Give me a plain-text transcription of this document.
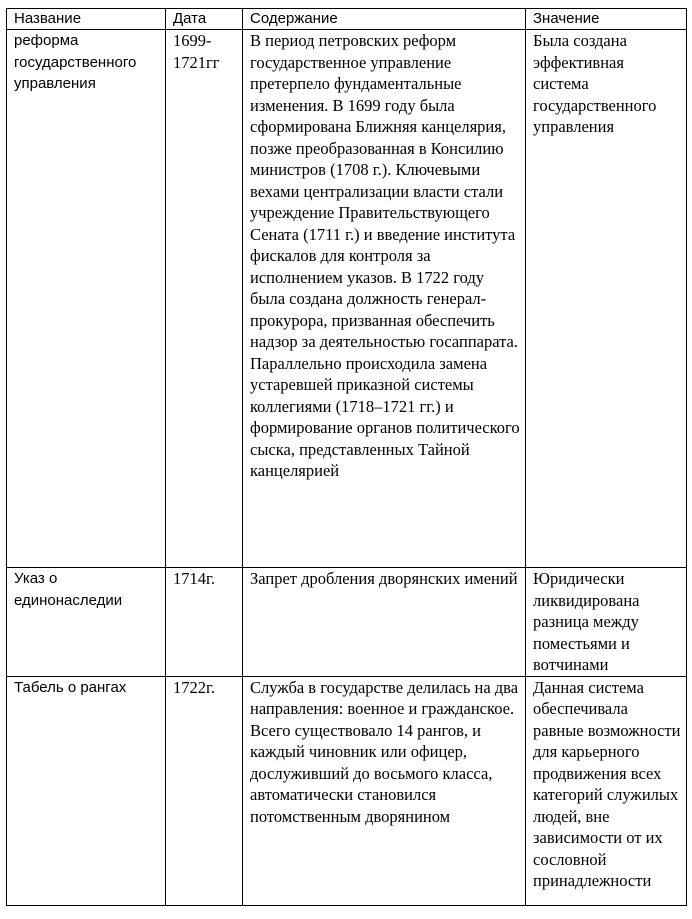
Название	Дата	Содержание	Значение

реформа государственного управления	1699-1721гг	В период петровских реформ государственное управление претерпело фундаментальные изменения. В 1699 году была сформирована Ближняя канцелярия, позже преобразованная в Консилию министров (1708 г.). Ключевыми вехами централизации власти стали учреждение Правительствующего Сената (1711 г.) и введение института фискалов для контроля за исполнением указов. В 1722 году была создана должность генерал-прокурора, призванная обеспечить надзор за деятельностью госаппарата. Параллельно происходила замена устаревшей приказной системы коллегиями (1718–1721 гг.) и формирование органов политического сыска, представленных Тайной канцелярией	Была создана эффективная система государственного управления

Указ о единонаследии	1714г.	Запрет дробления дворянских имений	Юридически ликвидирована разница между поместьями и вотчинами

Табель о рангах	1722г.	Служба в государстве делилась на два направления: военное и гражданское. Всего существовало 14 рангов, и каждый чиновник или офицер, дослуживший до восьмого класса, автоматически становился потомственным дворянином	Данная система обеспечивала равные возможности для карьерного продвижения всех категорий служилых людей, вне зависимости от их сословной принадлежности
